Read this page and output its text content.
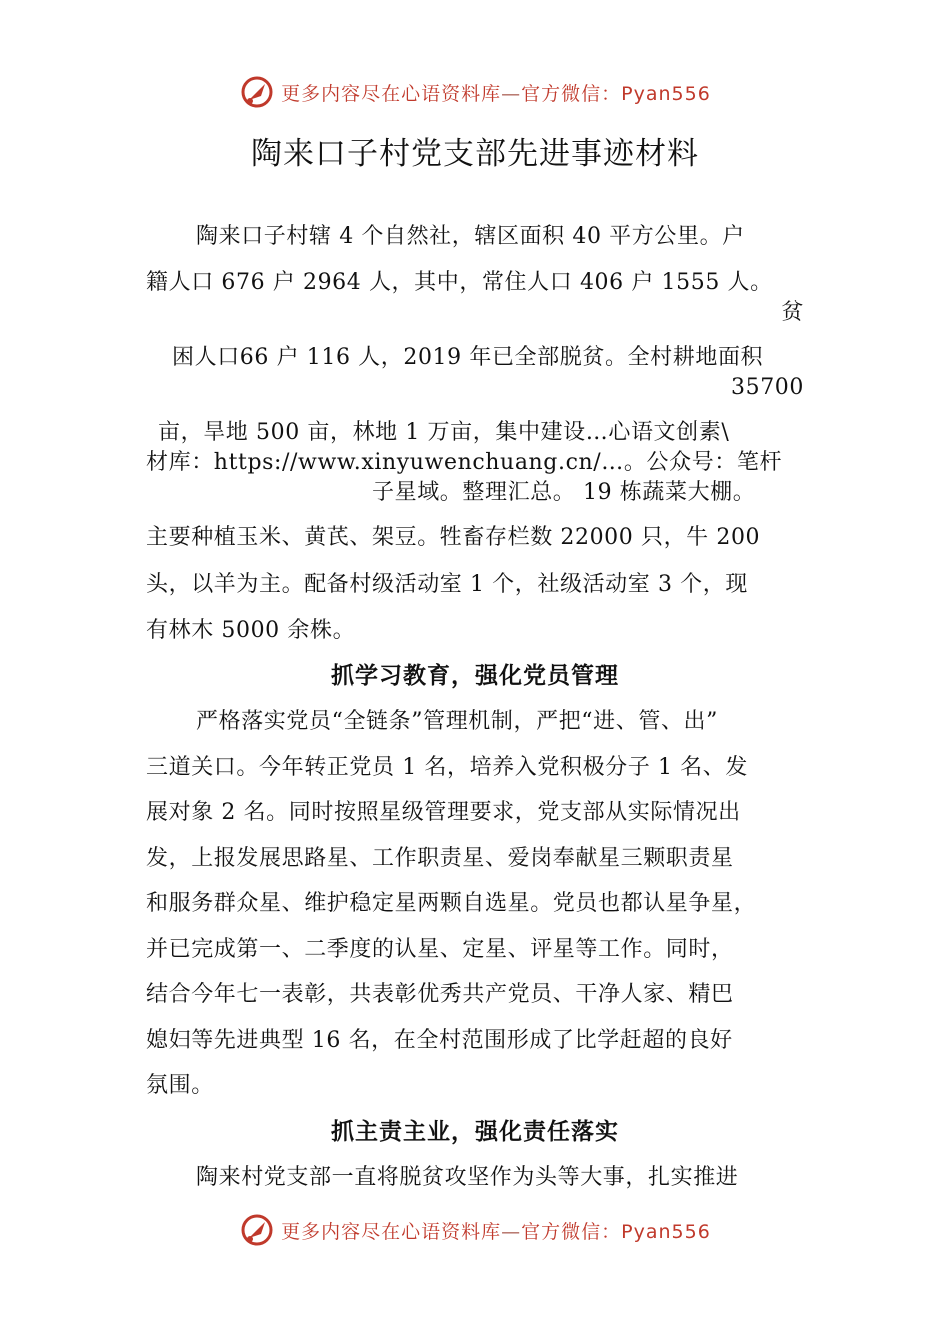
更多内容尽在心语资料库—官方微信：Pyan556
陶来口子村党支部先进事迹材料
陶来口子村辖 4 个自然社，辖区面积 40 平方公里。户
籍人口 676 户 2964 人，其中，常住人口 406 户 1555 人。
贫
困人口66 户 116 人，2019 年已全部脱贫。全村耕地面积
35700
亩，旱地 500 亩，林地 1 万亩，集中建设…心语文创素\
材库：https://www.xinyuwenchuang.cn/…。公众号：笔杆
子星域。整理汇总。 19 栋蔬菜大棚。
主要种植玉米、黄芪、架豆。牲畜存栏数 22000 只，牛 200
头，以羊为主。配备村级活动室 1 个，社级活动室 3 个，现
有林木 5000 余株。
抓学习教育，强化党员管理
严格落实党员“全链条”管理机制，严把“进、管、出”
三道关口。今年转正党员 1 名，培养入党积极分子 1 名、发
展对象 2 名。同时按照星级管理要求，党支部从实际情况出
发，上报发展思路星、工作职责星、爱岗奉献星三颗职责星
和服务群众星、维护稳定星两颗自选星。党员也都认星争星，
并已完成第一、二季度的认星、定星、评星等工作。同时，
结合今年七一表彰，共表彰优秀共产党员、干净人家、精巴
媳妇等先进典型 16 名，在全村范围形成了比学赶超的良好
氛围。
抓主责主业，强化责任落实
陶来村党支部一直将脱贫攻坚作为头等大事，扎实推进
更多内容尽在心语资料库—官方微信：Pyan556
